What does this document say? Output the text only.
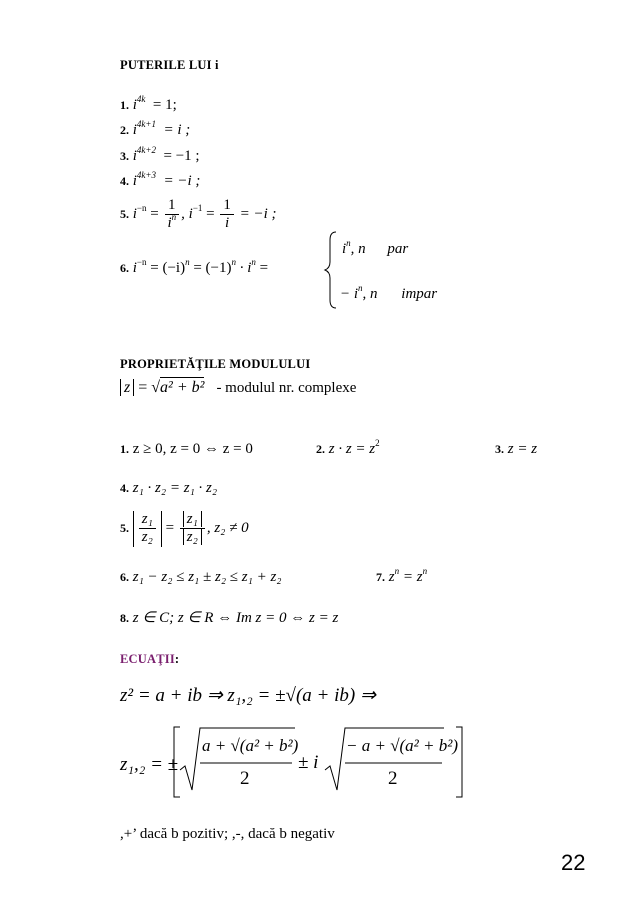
PUTERILE LUI i
1. $i^{4k} = 1$;
2. $i^{4k+1} = i$ ;
3. $i^{4k+2} = -1$ ;
4. $i^{4k+3} = -i$ ;
5. $i^{-n} = \frac{1}{i^n}$ , $i^{-1} = \frac{1}{i} = -i$ ;
6. $i^{-n} = (-i)^n = (-1)^n \cdot i^n$ =
$i^n$, n par
− $i^n$, n impar
PROPRIETĂŢILE MODULULUI
z = √a² + b² - modulul nr. complexe
1. z ≥ 0, z = 0 ⇔ z = 0	2. $z \cdot z = z^2$	3. z = z
4. z₁ · z₂ = z₁ · z₂
5. $\frac{\text{z₁}}{\text{z₂}} = \frac{\text{z₁}}{\text{z₂}}$ , z₂ ≠ 0
6. z₁ − z₂ ≤ z₁ ± z₂ ≤ z₁ + z₂	7. $z^n = z^n$
8. z ∈ C; z ∈ R ⇔ Im z = 0 ⇔ z = z
ECUAŢII:
z² = a + ib ⇒ z₁,₂ = ±√(a + ib) ⇒
z₁,₂ = ±
a + √(a² + b²)
2
± i
− a + √(a² + b²)
2
,+’ dacă b pozitiv; ,-, dacă b negativ
22
